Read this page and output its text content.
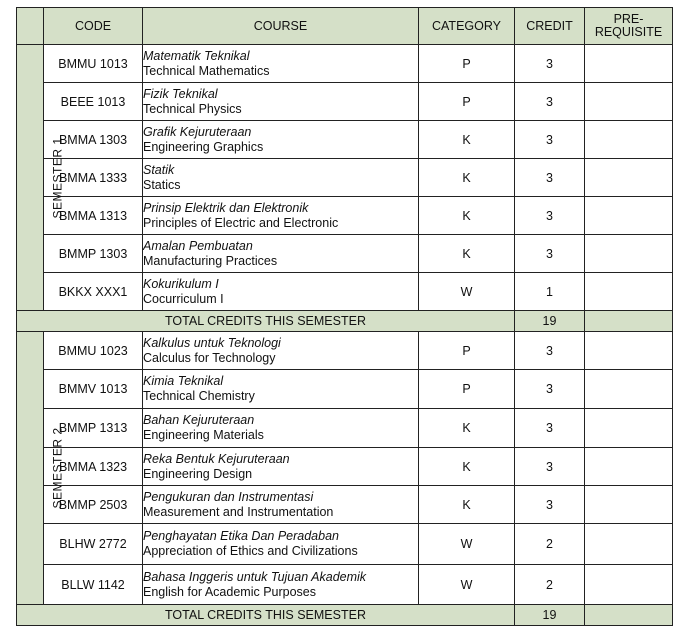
	CODE	COURSE	CATEGORY	CREDIT	PRE-
REQUISITE
SEMESTER 1	BMMU 1013	Matematik Teknikal
Technical Mathematics	P	3	
	BEEE 1013	Fizik Teknikal
Technical Physics	P	3	
	BMMA 1303	Grafik Kejuruteraan
Engineering Graphics	K	3	
	BMMA 1333	Statik
Statics	K	3	
	BMMA 1313	Prinsip Elektrik dan Elektronik
Principles of Electric and Electronic	K	3	
	BMMP 1303	Amalan Pembuatan
Manufacturing Practices	K	3	
	BKKX XXX1	Kokurikulum I
Cocurriculum I	W	1	
TOTAL CREDITS THIS SEMESTER				19	
SEMESTER 2	BMMU 1023	Kalkulus untuk Teknologi
Calculus for Technology	P	3	
	BMMV 1013	Kimia Teknikal
Technical Chemistry	P	3	
	BMMP 1313	Bahan Kejuruteraan
Engineering Materials	K	3	
	BMMA 1323	Reka Bentuk Kejuruteraan
Engineering Design	K	3	
	BMMP 2503	Pengukuran dan Instrumentasi
Measurement and Instrumentation	K	3	
	BLHW 2772	Penghayatan Etika Dan Peradaban
Appreciation of Ethics and Civilizations	W	2	
	BLLW 1142	Bahasa Inggeris untuk Tujuan Akademik
English for Academic Purposes	W	2	
TOTAL CREDITS THIS SEMESTER				19	
